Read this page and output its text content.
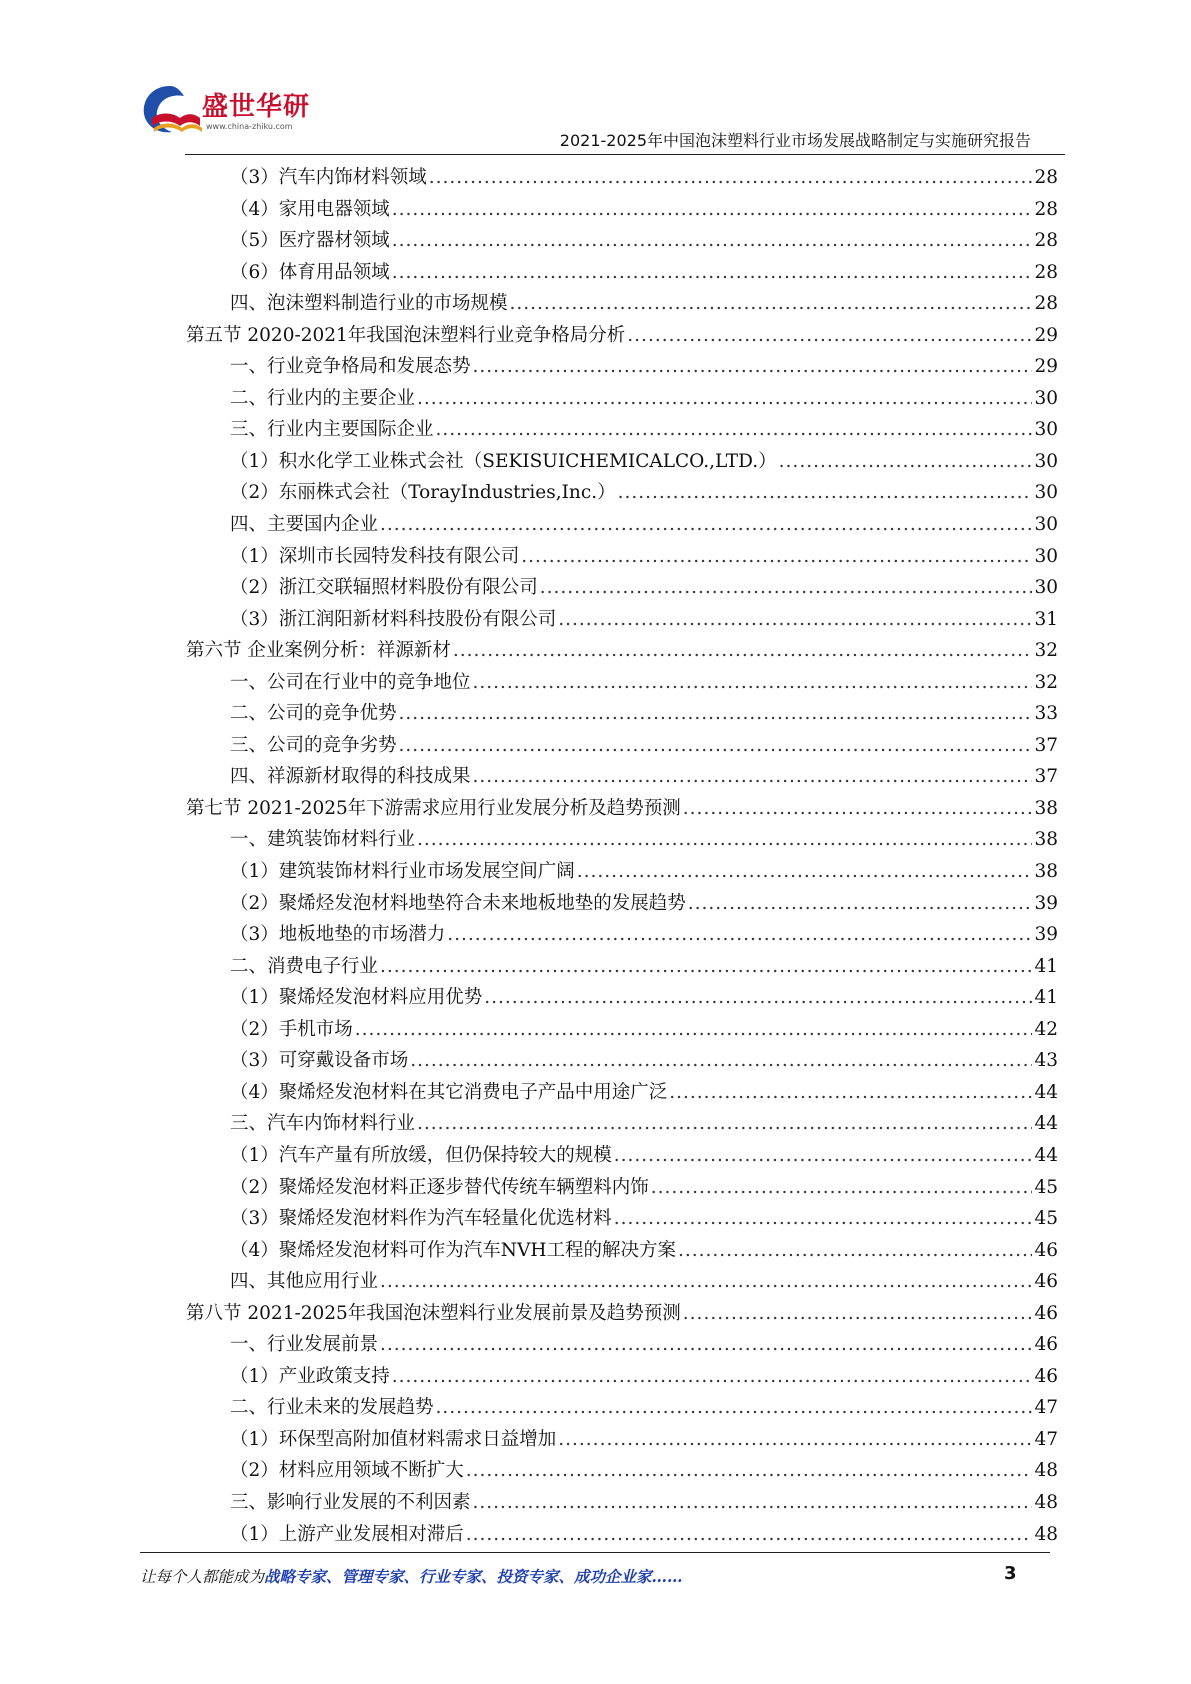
盛世华研
www.china-zhiku.com
2021-2025年中国泡沫塑料行业市场发展战略制定与实施研究报告
（3）汽车内饰材料领域 .....	28
（4）家用电器领域 .....	28
（5）医疗器材领域 .....	28
（6）体育用品领域 .....	28
四、泡沫塑料制造行业的市场规模 .....	28
第五节 2020-2021年我国泡沫塑料行业竞争格局分析 .....	29
一、行业竞争格局和发展态势 .....	29
二、行业内的主要企业 .....	30
三、行业内主要国际企业 .....	30
（1）积水化学工业株式会社（SEKISUICHEMICALCO.,LTD.） .....	30
（2）东丽株式会社（TorayIndustries,Inc.） .....	30
四、主要国内企业 .....	30
（1）深圳市长园特发科技有限公司 .....	30
（2）浙江交联辐照材料股份有限公司 .....	30
（3）浙江润阳新材料科技股份有限公司 .....	31
第六节 企业案例分析：祥源新材 .....	32
一、公司在行业中的竞争地位 .....	32
二、公司的竞争优势 .....	33
三、公司的竞争劣势 .....	37
四、祥源新材取得的科技成果 .....	37
第七节 2021-2025年下游需求应用行业发展分析及趋势预测 .....	38
一、建筑装饰材料行业 .....	38
（1）建筑装饰材料行业市场发展空间广阔 .....	38
（2）聚烯烃发泡材料地垫符合未来地板地垫的发展趋势 .....	39
（3）地板地垫的市场潜力 .....	39
二、消费电子行业 .....	41
（1）聚烯烃发泡材料应用优势 .....	41
（2）手机市场 .....	42
（3）可穿戴设备市场 .....	43
（4）聚烯烃发泡材料在其它消费电子产品中用途广泛 .....	44
三、汽车内饰材料行业 .....	44
（1）汽车产量有所放缓，但仍保持较大的规模 .....	44
（2）聚烯烃发泡材料正逐步替代传统车辆塑料内饰 .....	45
（3）聚烯烃发泡材料作为汽车轻量化优选材料 .....	45
（4）聚烯烃发泡材料可作为汽车NVH工程的解决方案 .....	46
四、其他应用行业 .....	46
第八节 2021-2025年我国泡沫塑料行业发展前景及趋势预测 .....	46
一、行业发展前景 .....	46
（1）产业政策支持 .....	46
二、行业未来的发展趋势 .....	47
（1）环保型高附加值材料需求日益增加 .....	47
（2）材料应用领域不断扩大 .....	48
三、影响行业发展的不利因素 .....	48
（1）上游产业发展相对滞后 .....	48
让每个人都能成为战略专家、管理专家、行业专家、投资专家、成功企业家……	3
